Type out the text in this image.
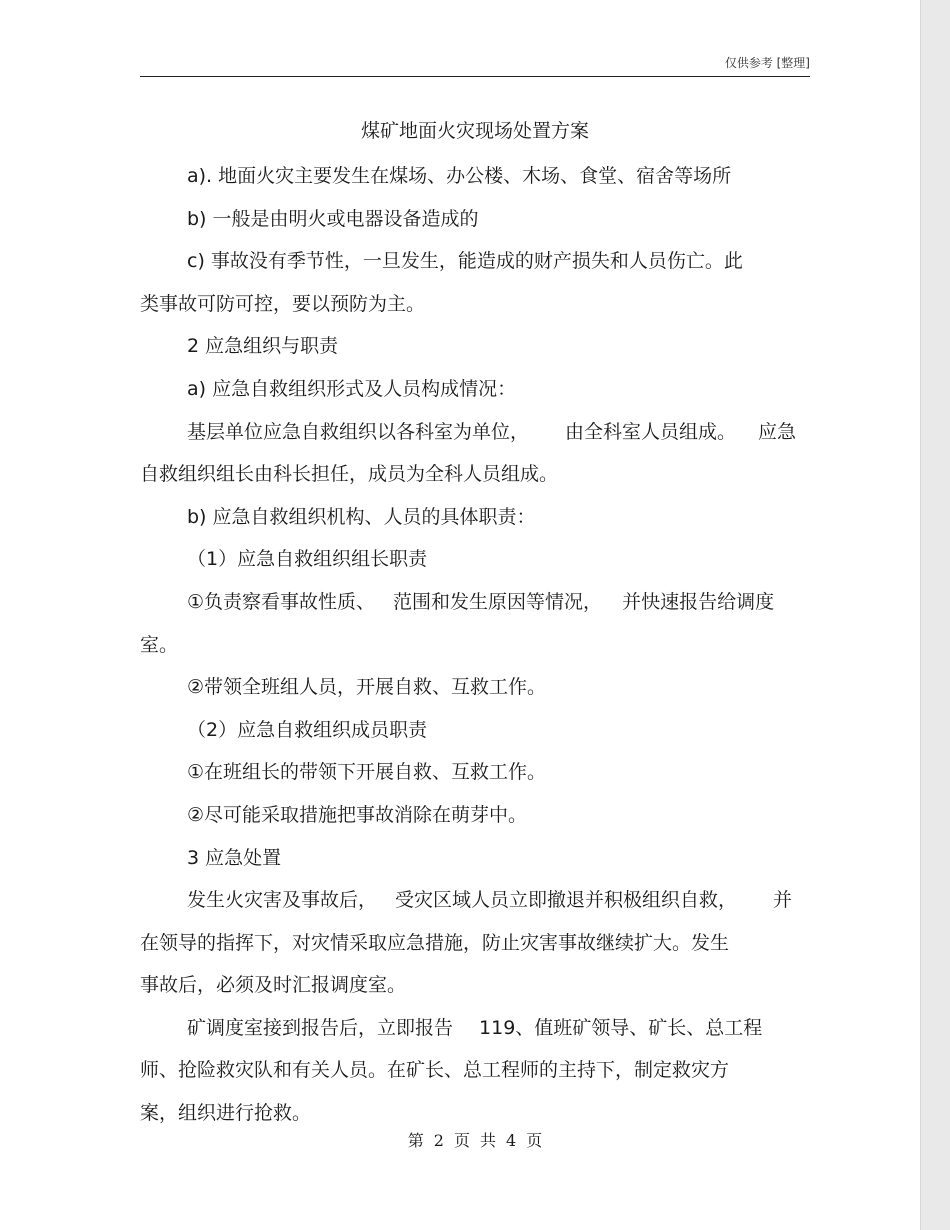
仅供参考 [整理]
煤矿地面火灾现场处置方案
a). 地面火灾主要发生在煤场、办公楼、木场、食堂、宿舍等场所
b) 一般是由明火或电器设备造成的
c) 事故没有季节性，一旦发生，能造成的财产损失和人员伤亡。此
类事故可防可控，要以预防为主。
2 应急组织与职责
a) 应急自救组织形式及人员构成情况：
基层单位应急自救组织以各科室为单位， 由全科室人员组成。 应急
自救组织组长由科长担任，成员为全科人员组成。
b) 应急自救组织机构、人员的具体职责：
（1）应急自救组织组长职责
①负责察看事故性质、 范围和发生原因等情况， 并快速报告给调度
室。
②带领全班组人员，开展自救、互救工作。
（2）应急自救组织成员职责
①在班组长的带领下开展自救、互救工作。
②尽可能采取措施把事故消除在萌芽中。
3 应急处置
发生火灾害及事故后， 受灾区域人员立即撤退并积极组织自救， 并
在领导的指挥下，对灾情采取应急措施，防止灾害事故继续扩大。发生
事故后，必须及时汇报调度室。
矿调度室接到报告后，立即报告 119、值班矿领导、矿长、总工程
师、抢险救灾队和有关人员。在矿长、总工程师的主持下，制定救灾方
案，组织进行抢救。
第 2 页 共 4 页
